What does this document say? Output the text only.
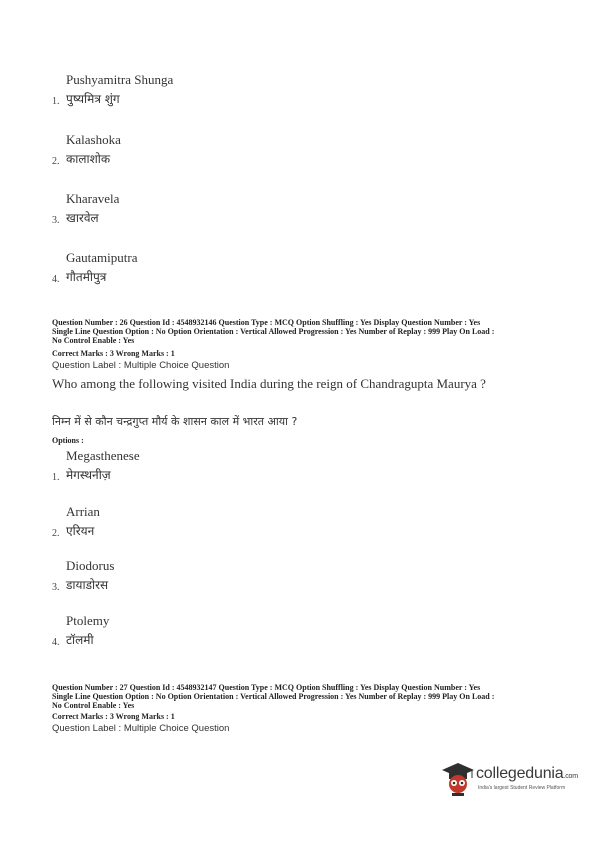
Pushyamitra Shunga
1. पुष्यमित्र शुंग
Kalashoka
2. कालाशोक
Kharavela
3. खारवेल
Gautamiputra
4. गौतमीपुत्र
Question Number : 26 Question Id : 4548932146 Question Type : MCQ Option Shuffling : Yes Display Question Number : Yes
Single Line Question Option : No Option Orientation : Vertical Allowed Progression : Yes Number of Replay : 999 Play On Load :
No Control Enable : Yes
Correct Marks : 3 Wrong Marks : 1
Question Label : Multiple Choice Question
Who among the following visited India during the reign of Chandragupta Maurya ?
निम्न में से कौन चन्द्रगुप्त मौर्य के शासन काल में भारत आया ?
Options :
Megasthenese
1. मेगस्थनीज़
Arrian
2. एरियन
Diodorus
3. डायाडोरस
Ptolemy
4. टॉलमी
Question Number : 27 Question Id : 4548932147 Question Type : MCQ Option Shuffling : Yes Display Question Number : Yes
Single Line Question Option : No Option Orientation : Vertical Allowed Progression : Yes Number of Replay : 999 Play On Load :
No Control Enable : Yes
Correct Marks : 3 Wrong Marks : 1
Question Label : Multiple Choice Question
collegedunia.com
India's largest Student Review Platform
